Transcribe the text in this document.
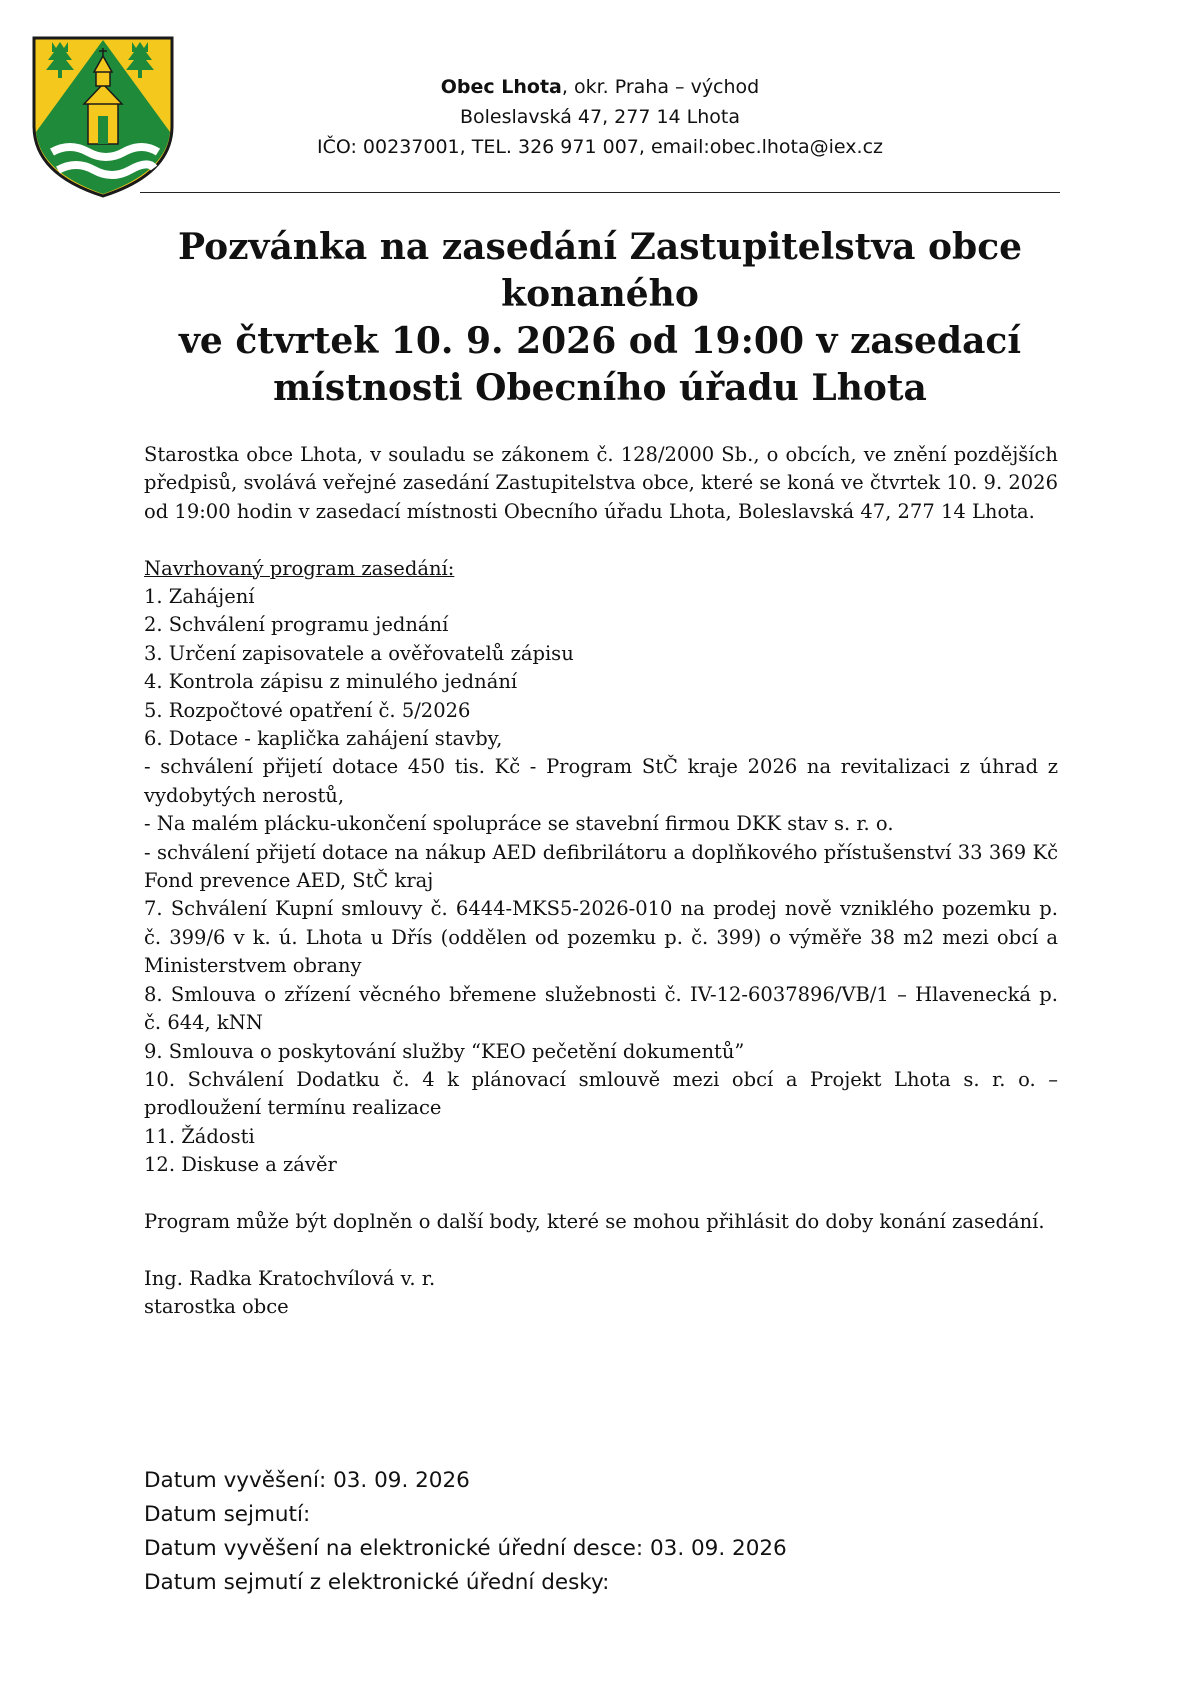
Obec Lhota, okr. Praha – východ
Boleslavská 47, 277 14 Lhota
IČO: 00237001, TEL. 326 971 007, email:obec.lhota@iex.cz
Pozvánka na zasedání Zastupitelstva obce
konaného
ve čtvrtek 10. 9. 2026 od 19:00 v zasedací
místnosti Obecního úřadu Lhota

Starostka obce Lhota, v souladu se zákonem č. 128/2000 Sb., o obcích, ve znění pozdějších předpisů, svolává veřejné zasedání Zastupitelstva obce, které se koná ve čtvrtek 10. 9. 2026 od 19:00 hodin v zasedací místnosti Obecního úřadu Lhota, Boleslavská 47, 277 14 Lhota.

Navrhovaný program zasedání:

1. Zahájení

2. Schválení programu jednání

3. Určení zapisovatele a ověřovatelů zápisu

4. Kontrola zápisu z minulého jednání

5. Rozpočtové opatření č. 5/2026

6. Dotace - kaplička zahájení stavby,

- schválení přijetí dotace 450 tis. Kč - Program StČ kraje 2026 na revitalizaci z úhrad z vydobytých nerostů,

- Na malém plácku-ukončení spolupráce se stavební firmou DKK stav s. r. o.

- schválení přijetí dotace na nákup AED defibrilátoru a doplňkového přístušenství 33 369 Kč Fond prevence AED, StČ kraj

7. Schválení Kupní smlouvy č. 6444-MKS5-2026-010 na prodej nově vzniklého pozemku p. č. 399/6 v k. ú. Lhota u Dřís (oddělen od pozemku p. č. 399) o výměře 38 m2 mezi obcí a Ministerstvem obrany

8. Smlouva o zřízení věcného břemene služebnosti č. IV-12-6037896/VB/1 – Hlavenecká p. č. 644, kNN

9. Smlouva o poskytování služby “KEO pečetění dokumentů”

10. Schválení Dodatku č. 4 k plánovací smlouvě mezi obcí a Projekt Lhota s. r. o. – prodloužení termínu realizace

11. Žádosti

12. Diskuse a závěr

Program může být doplněn o další body, které se mohou přihlásit do doby konání zasedání.

Ing. Radka Kratochvílová v. r.

starostka obce

Datum vyvěšení: 03. 09. 2026
Datum sejmutí:
Datum vyvěšení na elektronické úřední desce: 03. 09. 2026
Datum sejmutí z elektronické úřední desky:
